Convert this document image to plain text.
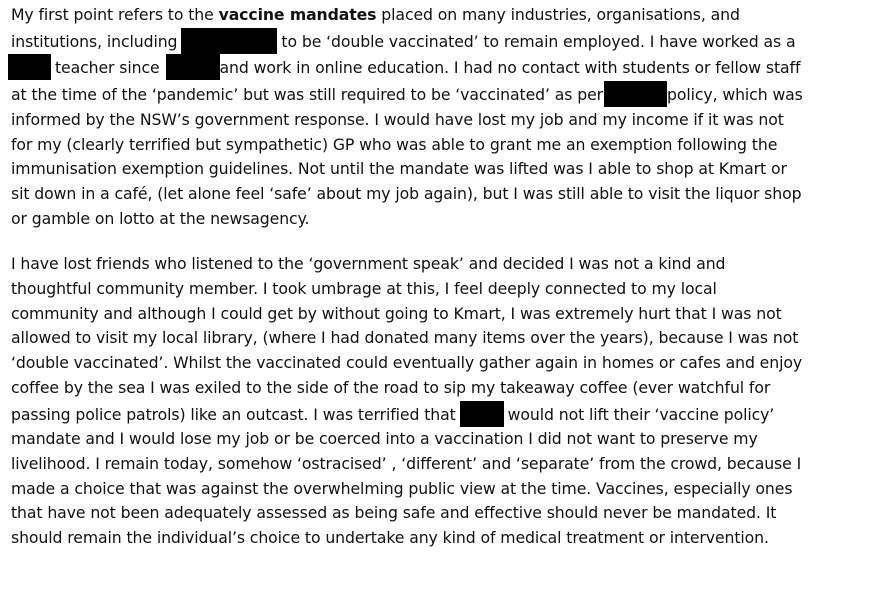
My first point refers to the vaccine mandates placed on many industries, organisations, and
institutions, including	to be ‘double vaccinated’ to remain employed. I have worked as a
teacher since	and work in online education. I had no contact with students or fellow staff
at the time of the ‘pandemic’ but was still required to be ‘vaccinated’ as per	policy, which was
informed by the NSW’s government response. I would have lost my job and my income if it was not
for my (clearly terrified but sympathetic) GP who was able to grant me an exemption following the
immunisation exemption guidelines. Not until the mandate was lifted was I able to shop at Kmart or
sit down in a café, (let alone feel ‘safe’ about my job again), but I was still able to visit the liquor shop
or gamble on lotto at the newsagency.
I have lost friends who listened to the ‘government speak’ and decided I was not a kind and
thoughtful community member. I took umbrage at this, I feel deeply connected to my local
community and although I could get by without going to Kmart, I was extremely hurt that I was not
allowed to visit my local library, (where I had donated many items over the years), because I was not
‘double vaccinated’. Whilst the vaccinated could eventually gather again in homes or cafes and enjoy
coffee by the sea I was exiled to the side of the road to sip my takeaway coffee (ever watchful for
passing police patrols) like an outcast. I was terrified that	would not lift their ‘vaccine policy’
mandate and I would lose my job or be coerced into a vaccination I did not want to preserve my
livelihood. I remain today, somehow ‘ostracised’ , ‘different’ and ‘separate’ from the crowd, because I
made a choice that was against the overwhelming public view at the time. Vaccines, especially ones
that have not been adequately assessed as being safe and effective should never be mandated. It
should remain the individual’s choice to undertake any kind of medical treatment or intervention.
